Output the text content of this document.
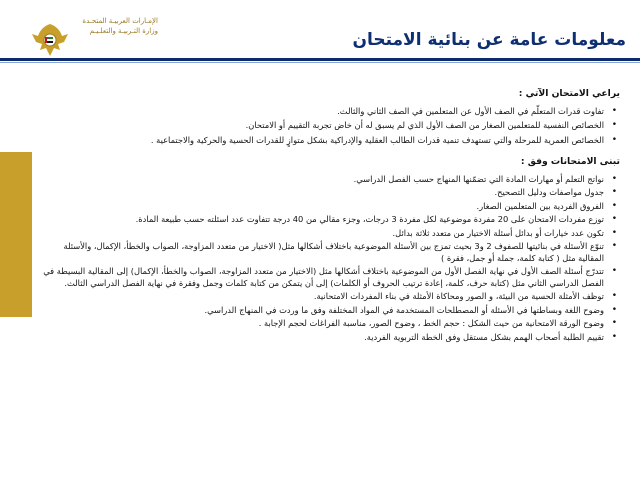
الإمـارات العربيـة المتحـدة
وزارة التـربيـة والتعلـيـم	معلومات عامة عن بنائية الامتحان
يراعي الامتحان الآتي :
• تفاوت قدرات المتعلّم في الصف الأول عن المتعلمين في الصف الثاني والثالث.
• الخصائص النفسية للمتعلمين الصغار من الصف الأول الذي لم يسبق له أن خاض تجربة التقييم أو الامتحان.
• الخصائص العمرية للمرحلة والتي تستهدف تنمية قدرات الطالب العقلية والإدراكية بشكل متوازٍ للقدرات الحسية والحركية والاجتماعية .
تبنى الامتحانات وفق :
• نواتج التعلم أو مهارات المادة التي تضمّنها المنهاج حسب الفصل الدراسي.
• جدول مواصفات ودليل التصحيح.
• الفروق الفردية بين المتعلمين الصغار.
• توزع مفردات الامتحان على 20 مفردة موضوعية لكل مفردة 3 درجات، وجزء مقالي من 40 درجة تتفاوت عدد اسئلته حسب طبيعة المادة.
• تكون عدد خيارات أو بدائل أسئلة الاختيار من متعدد ثلاثة بدائل.
• تنوّع الأسئلة في بنائيتها للصفوف 2 و3 بحيث تمزج بين الأسئلة الموضوعية باختلاف أشكالها مثل( الاختيار من متعدد المزاوجة، الصواب والخطأ، الإكمال، والأسئلة المقالية مثل ( كتابة كلمة، جملة أو جمل، فقرة )
• تتدرّج أسئلة الصف الأول في نهاية الفصل الأول من الموضوعية باختلاف أشكالها مثل (الاختيار من متعدد المزاوجة، الصواب والخطأ، الإكمال) إلى المقالية البسيطة في الفصل الدراسي الثاني مثل (كتابة حرف، كلمة، إعادة ترتيب الحروف أو الكلمات) إلى أن يتمكن من كتابة كلمات وجمل وفقرة في نهاية الفصل الدراسي الثالث.
• توظف الأمثلة الحسية من البيئة، و الصور ومحاكاة الأمثلة في بناء المفردات الامتحانية.
• وضوح اللغة وبساطتها في الأسئلة أو المصطلحات المستخدمة في المواد المختلفة وفق ما وردت في المنهاج الدراسي.
• وضوح الورقة الامتحانية من حيث الشكل : حجم الخط ، وضوح الصور، مناسبة الفراغات لحجم الإجابة .
• تقييم الطلبة أصحاب الهمم بشكل مستقل وفق الخطة التربوية الفردية.
